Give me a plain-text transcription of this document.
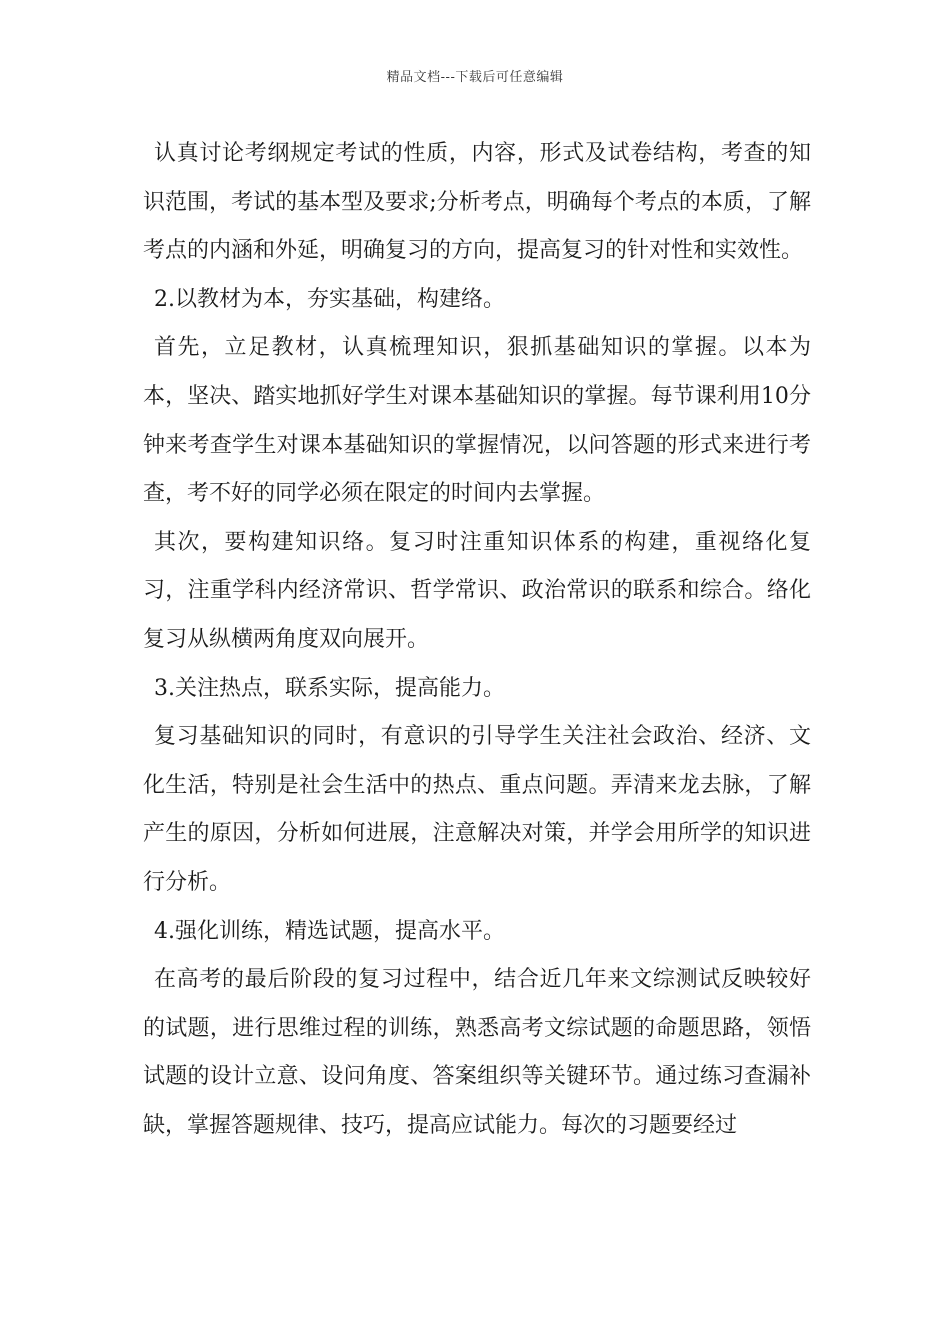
精品文档---下载后可任意编辑

认真讨论考纲规定考试的性质，内容，形式及试卷结构，考查的知识范围，考试的基本型及要求;分析考点，明确每个考点的本质，了解考点的内涵和外延，明确复习的方向，提高复习的针对性和实效性。

2.以教材为本，夯实基础，构建络。

首先，立足教材，认真梳理知识，狠抓基础知识的掌握。以本为本，坚决、踏实地抓好学生对课本基础知识的掌握。每节课利用10分钟来考查学生对课本基础知识的掌握情况，以问答题的形式来进行考查，考不好的同学必须在限定的时间内去掌握。

其次，要构建知识络。复习时注重知识体系的构建，重视络化复习，注重学科内经济常识、哲学常识、政治常识的联系和综合。络化复习从纵横两角度双向展开。

3.关注热点，联系实际，提高能力。

复习基础知识的同时，有意识的引导学生关注社会政治、经济、文化生活，特别是社会生活中的热点、重点问题。弄清来龙去脉，了解产生的原因，分析如何进展，注意解决对策，并学会用所学的知识进行分析。

4.强化训练，精选试题，提高水平。

在高考的最后阶段的复习过程中，结合近几年来文综测试反映较好的试题，进行思维过程的训练，熟悉高考文综试题的命题思路，领悟试题的设计立意、设问角度、答案组织等关键环节。通过练习查漏补缺，掌握答题规律、技巧，提高应试能力。每次的习题要经过
